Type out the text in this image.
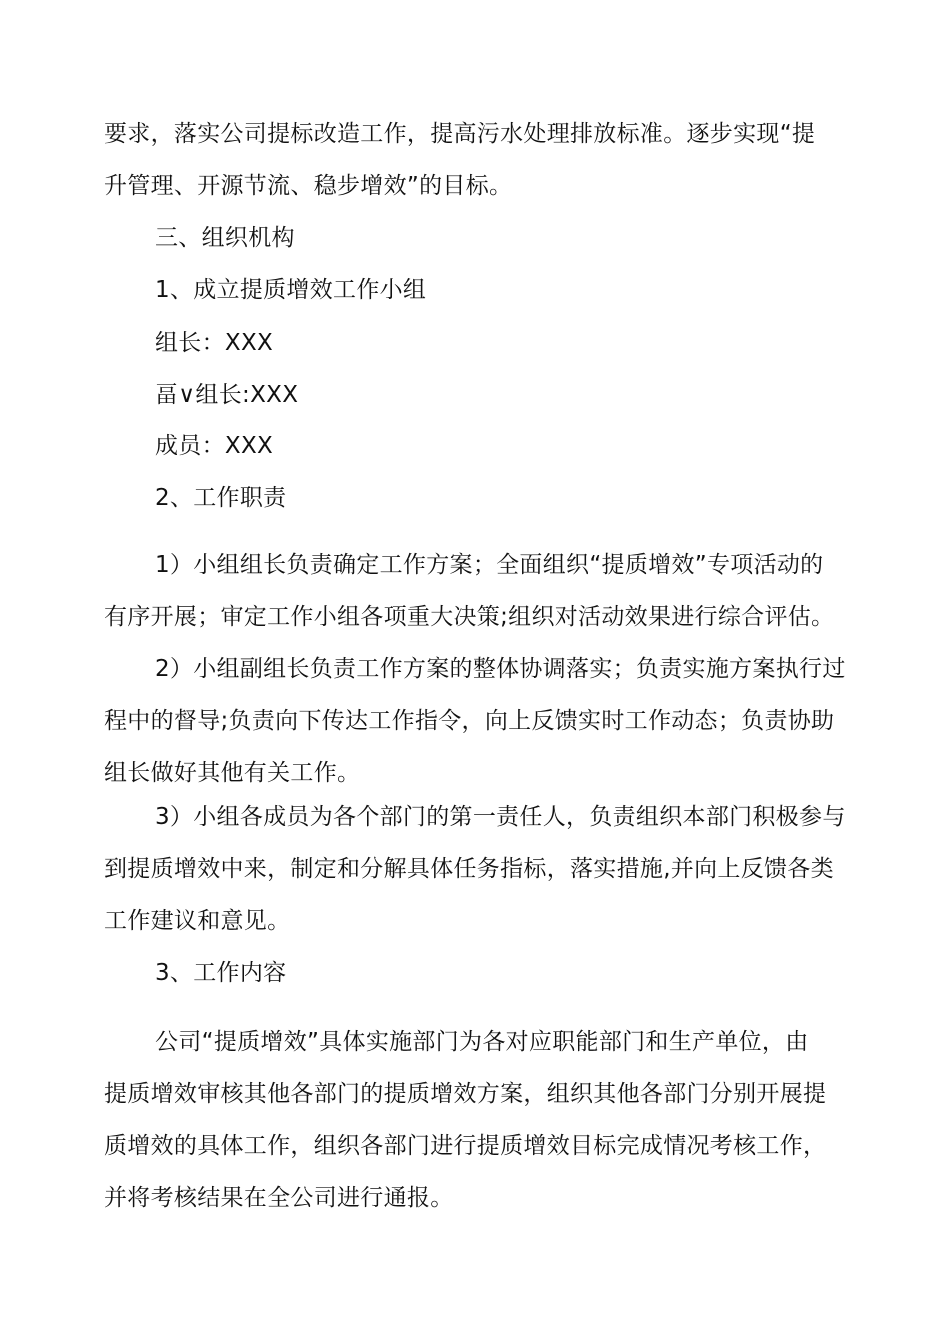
要求，落实公司提标改造工作，提高污水处理排放标准。逐步实现“提
升管理、开源节流、稳步增效”的目标。
三、组织机构
1、成立提质增效工作小组
组长：XXX
畐∨组长:XXX
成员：XXX
2、工作职责
1）小组组长负责确定工作方案；全面组织“提质增效”专项活动的
有序开展；审定工作小组各项重大决策;组织对活动效果进行综合评估。
2）小组副组长负责工作方案的整体协调落实；负责实施方案执行过
程中的督导;负责向下传达工作指令，向上反馈实时工作动态；负责协助
组长做好其他有关工作。
3）小组各成员为各个部门的第一责任人，负责组织本部门积极参与
到提质增效中来，制定和分解具体任务指标，落实措施,并向上反馈各类
工作建议和意见。
3、工作内容
公司“提质增效”具体实施部门为各对应职能部门和生产单位，由
提质增效审核其他各部门的提质增效方案，组织其他各部门分别开展提
质增效的具体工作，组织各部门进行提质增效目标完成情况考核工作，
并将考核结果在全公司进行通报。
